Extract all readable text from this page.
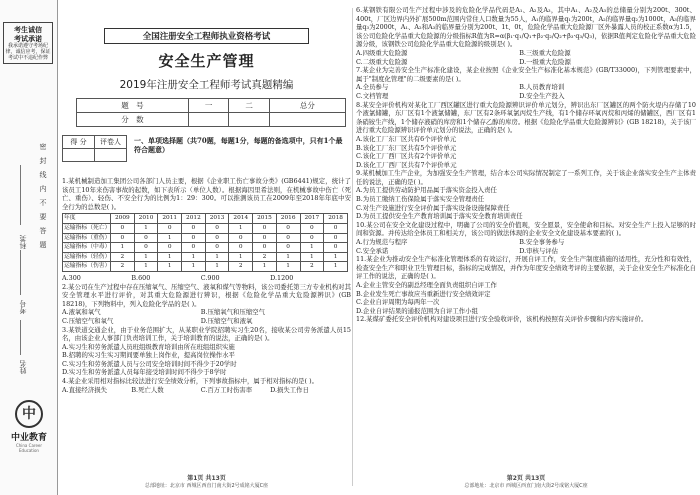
考生诚信
考试承诺
我承诺遵守考场纪律，诚信应考，保证考试中不违纪作弊
密封线内不要答题
科类
考号
姓名
中
中业教育
China Career Education
全国注册安全工程师执业资格考试
安全生产管理
2019年注册安全工程师考试真题精编
题　号	一	二	总分
分　数			
得 分	评卷人
	一、单项选择题（共70题，每题1分，每题的备选项中，只有1个最符合题意）
1.某机械制造加工集团公司各部门人员主要，根据《企业职工伤亡事故分类》(GB6441)规定，统计了该员工10年来伤害事故的起数，如下表所示（单位人数）。根据海因里希法则，在机械事故中伤亡（死亡、重伤）、轻伤、不安全行为的比例为1：29：300。可以推测该员工在2009年至2018年年底中安全行为的总数是( )。
年度	2009	2010	2011	2012	2013	2014	2015	2016	2017	2018
运输指标（死亡）	0	1	0	0	0	1	0	0	0	0
运输指标（重伤）	0	0	1	0	0	0	0	0	0	0
运输指标（中毒）	1	0	0	0	0	0	0	0	1	0
运输指标（轻伤）	2	1	1	1	1	1	2	1	1	1
运输指标（伤害）	2	1	1	1	1	2	1	1	2	1
A.300	B.600	C.900	D.1200
2.某公司在生产过程中存在压缩氧气、压缩空气、液氧和煤气等物料，该公司委托第三方专业机构对其安全管理水平进行评价，对其重大危险源进行辨识，根据《危险化学品重大危险源辨识》(GB 18218)，下列物料中，列入危险化学品的是( )。
A.液氧和氧气	B.压缩氧气和压缩空气C.压缩空气和氧气	D.压缩空气和液氧
3.某铁道交通企业，由于业务范围扩大，从某职业学院招聘实习生20名，接收某公司劳务派遣人员15名，由该企业人事部门负责培训工作，关于培训教育的说法，正确的是( )。
A.实习生和劳务派遣人员班组级教育培训由所在班组组织实施
B.招聘的实习生实习期间要单独上岗作业，提高岗位操作水平
C.实习生和劳务派遣人员与公司安全培训时间不得少于20学时
D.实习生和劳务派遣人员每年接受培训时间不得少于8学时
4.某企业采用相对指标比较法进行安全绩效分析，下列事故指标中，属于相对指标的是( )。
A.直接经济损失	B.死亡人数	C.百万工时伤害率	D.损失工作日
第1页 共13页
总部地址：北京市 西城区西直门南大街2号成铭大厦C座
6.某钢铁有限公司生产过程中涉及的危险化学品代码是A₁、A₂及A₃，其中A₁、A₂及A₃的总储量分别为200t、300t、400t，厂区边界内外扩展500m范围内常住人口数量为55人，A₁的临界量q₁为200t，A₂的临界量q₂为1000t，A₃的临界量q₃为2000t，A₁、A₂和A₃的临界量分别为200t、1t、0t，危险化学品重大危险源厂区外暴露人员的校正系数α为1.5，该公司危险化学品重大危险源的分级指标R值为R=α(β₁·q₁/Q₁+β₂·q₂/Q₂+β₃·q₃/Q₃)，依据R值判定危险化学品重大危险源分级，该钢铁公司危险化学品重大危险源的级别是( )。
A.四级重大危险源	B.三级重大危险源C.二级重大危险源	D.一级重大危险源
7.某企业为完善安全生产标准化建设，某企业按照《企业安全生产标准化基本规范》(GB/T33000)，下列管理要素中，属于"制度化管理"的二级要素的是( )。
A.全员参与	B.人员教育培训C.文档管理	D.安全生产投入
8.某安全评价机构对某化工厂西区罐区进行重大危险源辨识评价单元划分，辨识出东厂区罐区的两个防火堤内存储了10个液氯储罐，东厂区有1个液氯储罐，东厂区有2条环氧氯丙烷生产线，有1个储存环氧丙烷和丙烯的储罐区，西厂区有1条硝铵生产线，1个储存液硝的库房和1个储存乙醇的库房。根据《危险化学品重大危险源辨识》(GB 18218)，关于该厂进行重大危险源辨识评价单元划分的说法，正确的是( )。
A.该化工厂东厂区共有6个评价单元
B.该化工厂东厂区共有5个评价单元
C.该化工厂西厂区共有2个评价单元
D.该化工厂西厂区共有7个评价单元
9.某机械加工生产企业，为加强安全生产管理，结合本公司实际情况制定了一系列工作，关于该企业落实安全生产主体责任的说法，正确的是( )。
A.为员工提供劳动防护用品属于落实资金投入责任
B.为员工缴纳工伤保险属于落实安全管理责任
C.对生产设施进行安全评价属于落实设备设施保障责任
D.为员工提供安全生产教育培训属于落实安全教育培训责任
10.某公司在安全文化建设过程中，明确了公司的安全价值观，安全愿景，安全使命和目标。对安全生产上投入足够的时间和资源。并传达给全体员工和相关方，该公司的做法体现的企业安全文化建设基本要素的( )。
A.行为规范与程序	B.安全事务参与C.安全承诺	D.审核与评估
11.某企业为推动安全生产标准化管理体系的有效运行，开展自评工作，安全生产制度措施的适用性，充分性和有效性，检查安全生产和职业卫生管理目标，指标的完成情况，并作为年度安全绩效考评的主要依据，关于企业安全生产标准化自评工作的说法，正确的是( )。
A.企业主管安全的副总经理全面负责组织自评工作
B.企业发生死亡事故应当重新进行安全绩效评定
C.企业自评周期为每两年一次
D.企业自评结果的通报范围为自评工作小组
12.某煤矿委托安全评价机构对建设项目进行安全验收评价，该机构按照有关评价步骤和内容实施评价。
第2页 共13页
总部地址：北京市 西城区西直门南大街2号成铭大厦C座
